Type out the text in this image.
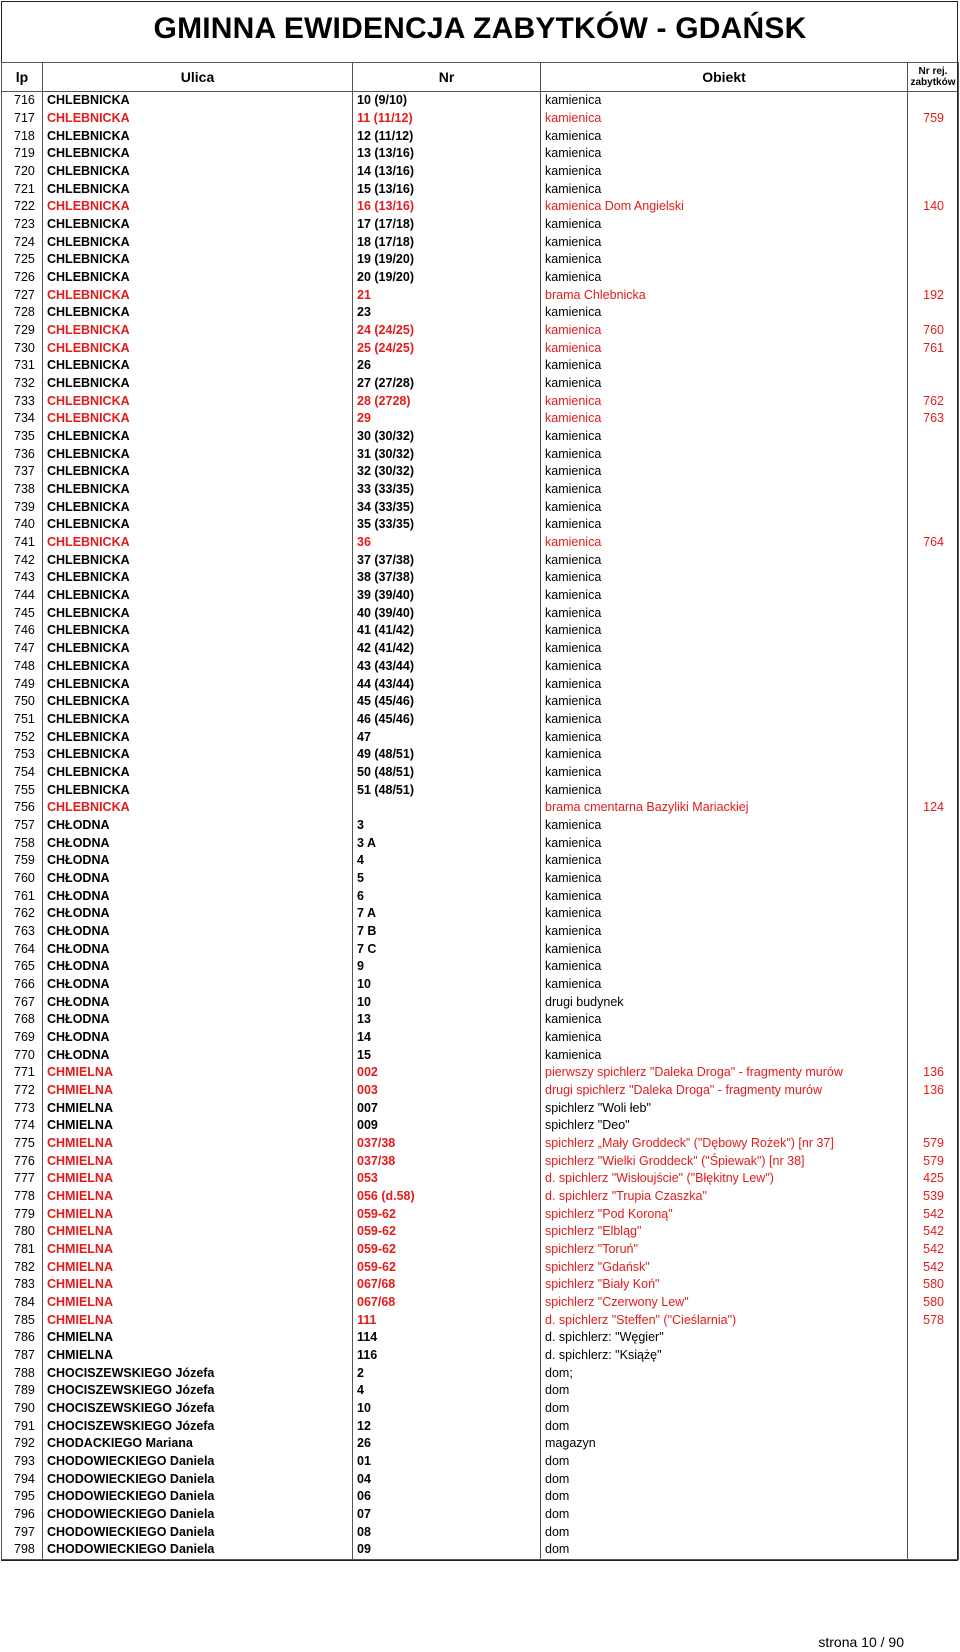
GMINNA EWIDENCJA ZABYTKÓW - GDAŃSK
lp	Ulica	Nr	Obiekt	Nr rej.
zabytków
716	CHLEBNICKA	10 (9/10)	kamienica	
717	CHLEBNICKA	11 (11/12)	kamienica	759
718	CHLEBNICKA	12 (11/12)	kamienica	
719	CHLEBNICKA	13 (13/16)	kamienica	
720	CHLEBNICKA	14 (13/16)	kamienica	
721	CHLEBNICKA	15 (13/16)	kamienica	
722	CHLEBNICKA	16 (13/16)	kamienica Dom Angielski	140
723	CHLEBNICKA	17 (17/18)	kamienica	
724	CHLEBNICKA	18 (17/18)	kamienica	
725	CHLEBNICKA	19 (19/20)	kamienica	
726	CHLEBNICKA	20 (19/20)	kamienica	
727	CHLEBNICKA	21	brama Chlebnicka	192
728	CHLEBNICKA	23	kamienica	
729	CHLEBNICKA	24 (24/25)	kamienica	760
730	CHLEBNICKA	25 (24/25)	kamienica	761
731	CHLEBNICKA	26	kamienica	
732	CHLEBNICKA	27 (27/28)	kamienica	
733	CHLEBNICKA	28 (2728)	kamienica	762
734	CHLEBNICKA	29	kamienica	763
735	CHLEBNICKA	30 (30/32)	kamienica	
736	CHLEBNICKA	31 (30/32)	kamienica	
737	CHLEBNICKA	32 (30/32)	kamienica	
738	CHLEBNICKA	33 (33/35)	kamienica	
739	CHLEBNICKA	34 (33/35)	kamienica	
740	CHLEBNICKA	35 (33/35)	kamienica	
741	CHLEBNICKA	36	kamienica	764
742	CHLEBNICKA	37 (37/38)	kamienica	
743	CHLEBNICKA	38 (37/38)	kamienica	
744	CHLEBNICKA	39 (39/40)	kamienica	
745	CHLEBNICKA	40 (39/40)	kamienica	
746	CHLEBNICKA	41 (41/42)	kamienica	
747	CHLEBNICKA	42 (41/42)	kamienica	
748	CHLEBNICKA	43 (43/44)	kamienica	
749	CHLEBNICKA	44 (43/44)	kamienica	
750	CHLEBNICKA	45 (45/46)	kamienica	
751	CHLEBNICKA	46 (45/46)	kamienica	
752	CHLEBNICKA	47	kamienica	
753	CHLEBNICKA	49 (48/51)	kamienica	
754	CHLEBNICKA	50 (48/51)	kamienica	
755	CHLEBNICKA	51 (48/51)	kamienica	
756	CHLEBNICKA		brama cmentarna Bazyliki Mariackiej	124
757	CHŁODNA	3	kamienica	
758	CHŁODNA	3 A	kamienica	
759	CHŁODNA	4	kamienica	
760	CHŁODNA	5	kamienica	
761	CHŁODNA	6	kamienica	
762	CHŁODNA	7 A	kamienica	
763	CHŁODNA	7 B	kamienica	
764	CHŁODNA	7 C	kamienica	
765	CHŁODNA	9	kamienica	
766	CHŁODNA	10	kamienica	
767	CHŁODNA	10	drugi budynek	
768	CHŁODNA	13	kamienica	
769	CHŁODNA	14	kamienica	
770	CHŁODNA	15	kamienica	
771	CHMIELNA	002	pierwszy spichlerz "Daleka Droga" - fragmenty murów	136
772	CHMIELNA	003	drugi spichlerz "Daleka Droga" - fragmenty murów	136
773	CHMIELNA	007	spichlerz "Woli łeb"	
774	CHMIELNA	009	spichlerz "Deo"	
775	CHMIELNA	037/38	spichlerz „Mały Groddeck” ("Dębowy Rożek") [nr 37]	579
776	CHMIELNA	037/38	spichlerz "Wielki Groddeck" ("Śpiewak") [nr 38]	579
777	CHMIELNA	053	d. spichlerz "Wisłoujście" ("Błękitny Lew")	425
778	CHMIELNA	056 (d.58)	d. spichlerz "Trupia Czaszka"	539
779	CHMIELNA	059-62	spichlerz "Pod Koroną"	542
780	CHMIELNA	059-62	spichlerz "Elbląg"	542
781	CHMIELNA	059-62	spichlerz "Toruń"	542
782	CHMIELNA	059-62	spichlerz "Gdańsk"	542
783	CHMIELNA	067/68	spichlerz "Biały Koń"	580
784	CHMIELNA	067/68	spichlerz "Czerwony Lew"	580
785	CHMIELNA	111	d. spichlerz "Steffen" ("Cieślarnia")	578
786	CHMIELNA	114	d. spichlerz: "Węgier"	
787	CHMIELNA	116	d. spichlerz: "Książę"	
788	CHOCISZEWSKIEGO Józefa	2	dom;	
789	CHOCISZEWSKIEGO Józefa	4	dom	
790	CHOCISZEWSKIEGO Józefa	10	dom	
791	CHOCISZEWSKIEGO Józefa	12	dom	
792	CHODACKIEGO Mariana	26	magazyn	
793	CHODOWIECKIEGO Daniela	01	dom	
794	CHODOWIECKIEGO Daniela	04	dom	
795	CHODOWIECKIEGO Daniela	06	dom	
796	CHODOWIECKIEGO Daniela	07	dom	
797	CHODOWIECKIEGO Daniela	08	dom	
798	CHODOWIECKIEGO Daniela	09	dom	
strona 10 / 90
